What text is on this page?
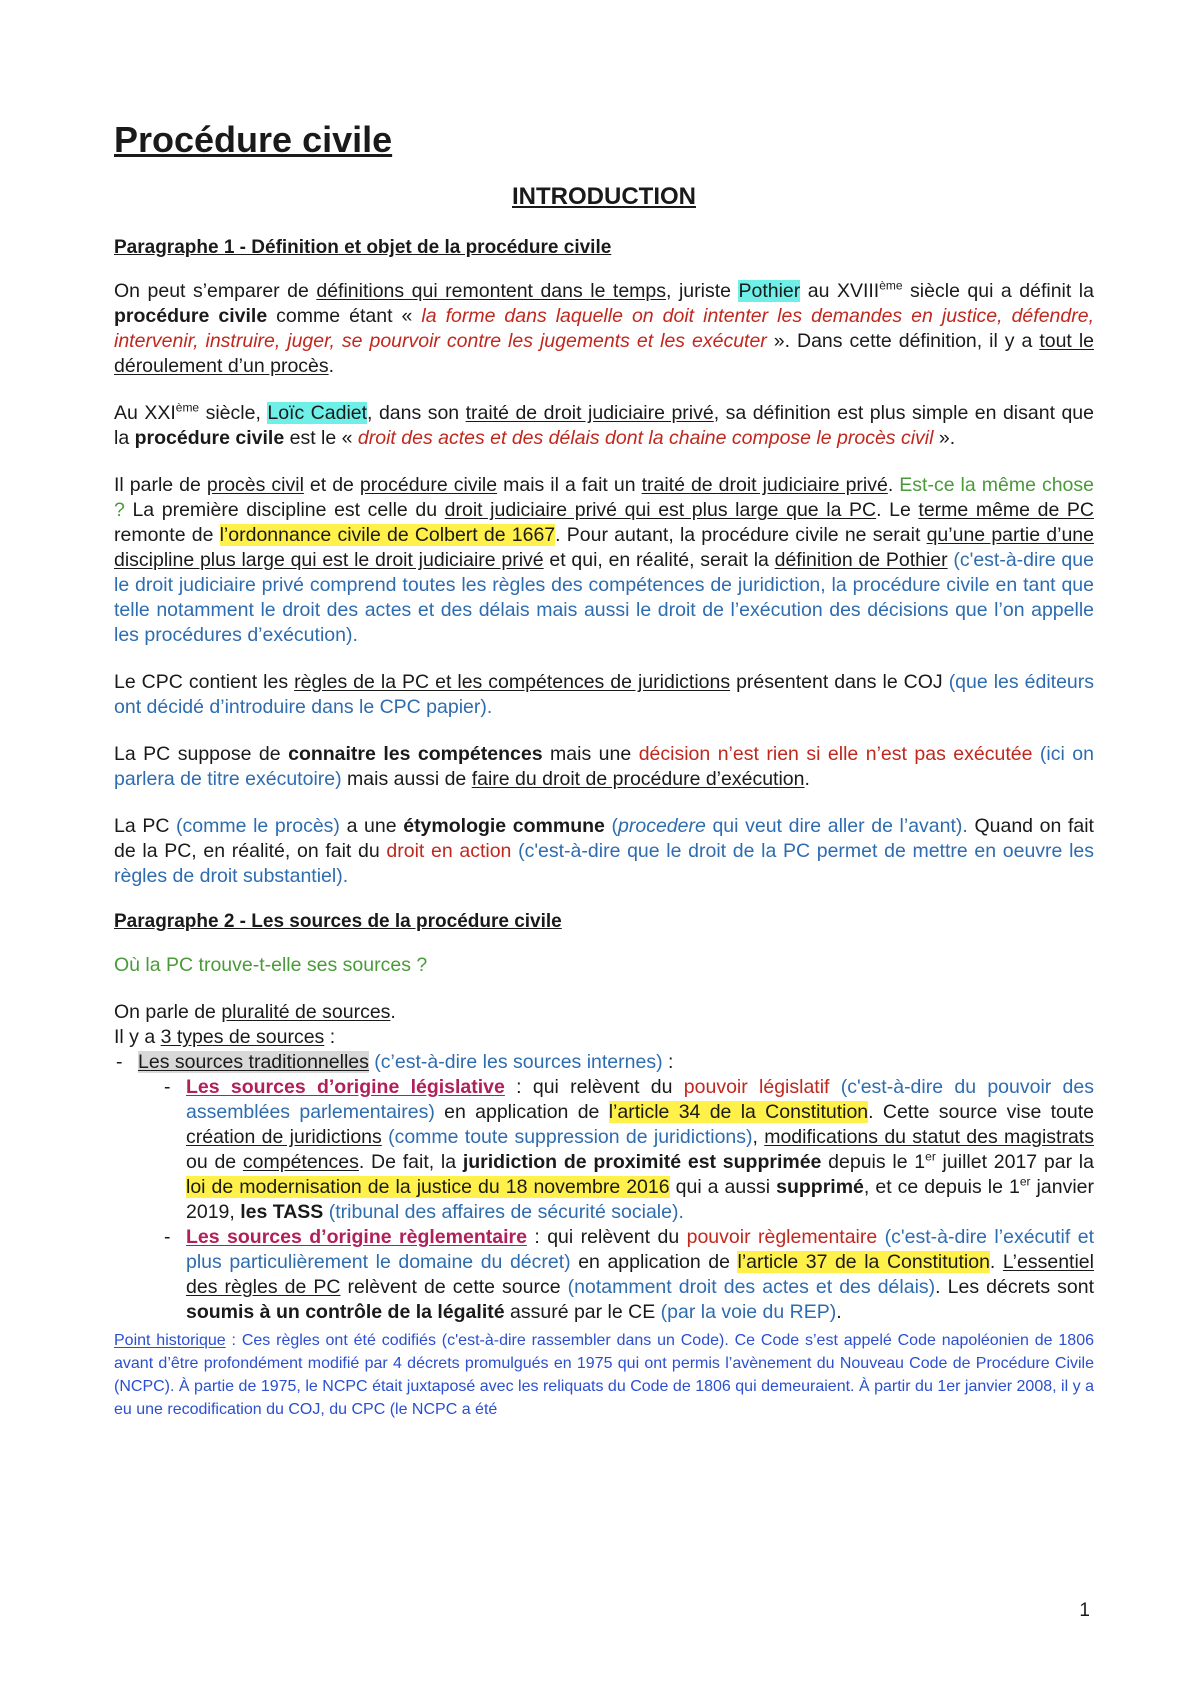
Procédure civile
INTRODUCTION
Paragraphe 1 - Définition et objet de la procédure civile

On peut s’emparer de définitions qui remontent dans le temps, juriste Pothier au XVIIIème siècle qui a définit la procédure civile comme étant « la forme dans laquelle on doit intenter les demandes en justice, défendre, intervenir, instruire, juger, se pourvoir contre les jugements et les exécuter ». Dans cette définition, il y a tout le déroulement d’un procès.

Au XXIème siècle, Loïc Cadiet, dans son traité de droit judiciaire privé, sa définition est plus simple en disant que la procédure civile est le « droit des actes et des délais dont la chaine compose le procès civil ».

Il parle de procès civil et de procédure civile mais il a fait un traité de droit judiciaire privé. Est-ce la même chose ? La première discipline est celle du droit judiciaire privé qui est plus large que la PC. Le terme même de PC remonte de l’ordonnance civile de Colbert de 1667. Pour autant, la procédure civile ne serait qu’une partie d’une discipline plus large qui est le droit judiciaire privé et qui, en réalité, serait la définition de Pothier (c'est-à-dire que le droit judiciaire privé comprend toutes les règles des compétences de juridiction, la procédure civile en tant que telle notamment le droit des actes et des délais mais aussi le droit de l’exécution des décisions que l’on appelle les procédures d’exécution).

Le CPC contient les règles de la PC et les compétences de juridictions présentent dans le COJ (que les éditeurs ont décidé d’introduire dans le CPC papier).

La PC suppose de connaitre les compétences mais une décision n’est rien si elle n’est pas exécutée (ici on parlera de titre exécutoire) mais aussi de faire du droit de procédure d’exécution.

La PC (comme le procès) a une étymologie commune (procedere qui veut dire aller de l’avant). Quand on fait de la PC, en réalité, on fait du droit en action (c'est-à-dire que le droit de la PC permet de mettre en oeuvre les règles de droit substantiel).

Paragraphe 2 - Les sources de la procédure civile

Où la PC trouve-t-elle ses sources ?

On parle de pluralité de sources.

Il y a 3 types de sources :

- Les sources traditionnelles (c’est-à-dire les sources internes) :
- Les sources d’origine législative : qui relèvent du pouvoir législatif (c'est-à-dire du pouvoir des assemblées parlementaires) en application de l’article 34 de la Constitution. Cette source vise toute création de juridictions (comme toute suppression de juridictions), modifications du statut des magistrats ou de compétences. De fait, la juridiction de proximité est supprimée depuis le 1er juillet 2017 par la loi de modernisation de la justice du 18 novembre 2016 qui a aussi supprimé, et ce depuis le 1er janvier 2019, les TASS (tribunal des affaires de sécurité sociale).
- Les sources d’origine règlementaire : qui relèvent du pouvoir règlementaire (c'est-à-dire l’exécutif et plus particulièrement le domaine du décret) en application de l’article 37 de la Constitution. L’essentiel des règles de PC relèvent de cette source (notamment droit des actes et des délais). Les décrets sont soumis à un contrôle de la légalité assuré par le CE (par la voie du REP).
Point historique : Ces règles ont été codifiés (c'est-à-dire rassembler dans un Code). Ce Code s’est appelé Code napoléonien de 1806 avant d’être profondément modifié par 4 décrets promulgués en 1975 qui ont permis l’avènement du Nouveau Code de Procédure Civile (NCPC). À partie de 1975, le NCPC était juxtaposé avec les reliquats du Code de 1806 qui demeuraient. À partir du 1er janvier 2008, il y a eu une recodification du COJ, du CPC (le NCPC a été
1
